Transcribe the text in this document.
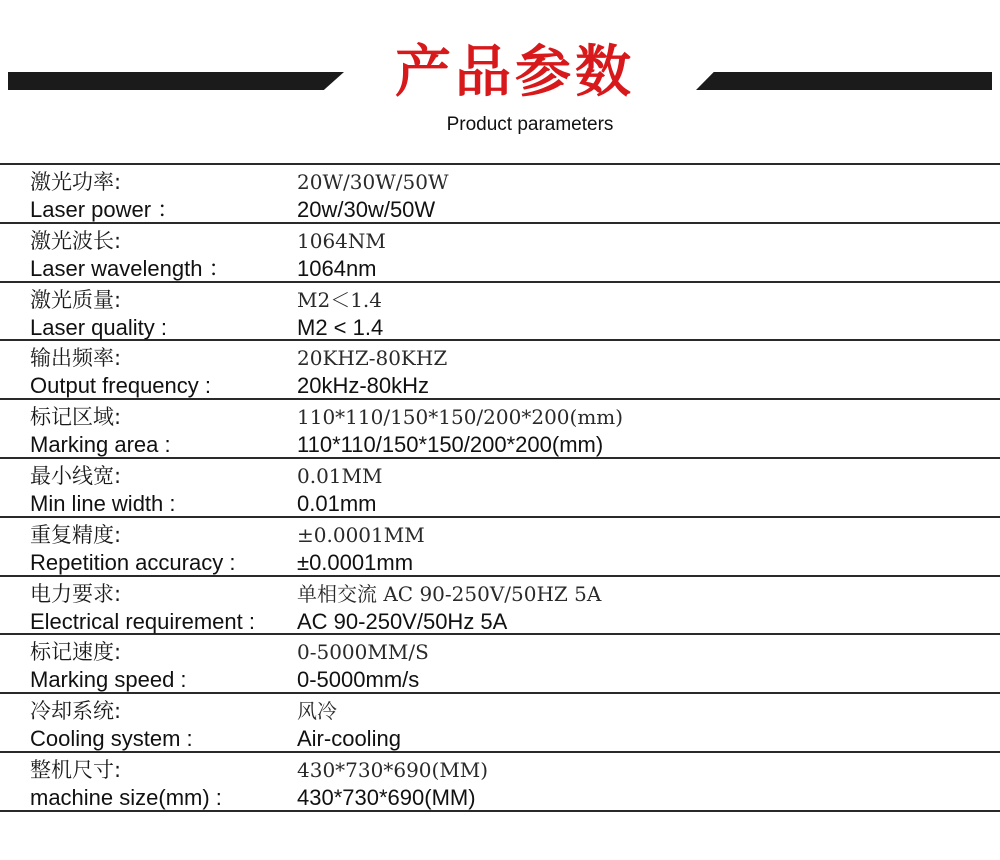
产品参数
Product parameters
激光功率:
Laser power ：
20W/30W/50W
20w/30w/50W
激光波长:
Laser wavelength ：
1064NM
1064nm
激光质量:
Laser quality :
M2＜1.4
M2 < 1.4
输出频率:
Output frequency :
20KHZ-80KHZ
20kHz-80kHz
标记区域:
Marking area :
110*110/150*150/200*200(mm)
110*110/150*150/200*200(mm)
最小线宽:
Min line width :
0.01MM
0.01mm
重复精度:
Repetition accuracy :
±0.0001MM
±0.0001mm
电力要求:
Electrical requirement :
单相交流 AC 90-250V/50HZ 5A
AC 90-250V/50Hz 5A
标记速度:
Marking speed :
0-5000MM/S
0-5000mm/s
冷却系统:
Cooling system :
风冷
Air-cooling
整机尺寸:
machine size(mm) :
430*730*690(MM)
430*730*690(MM)
